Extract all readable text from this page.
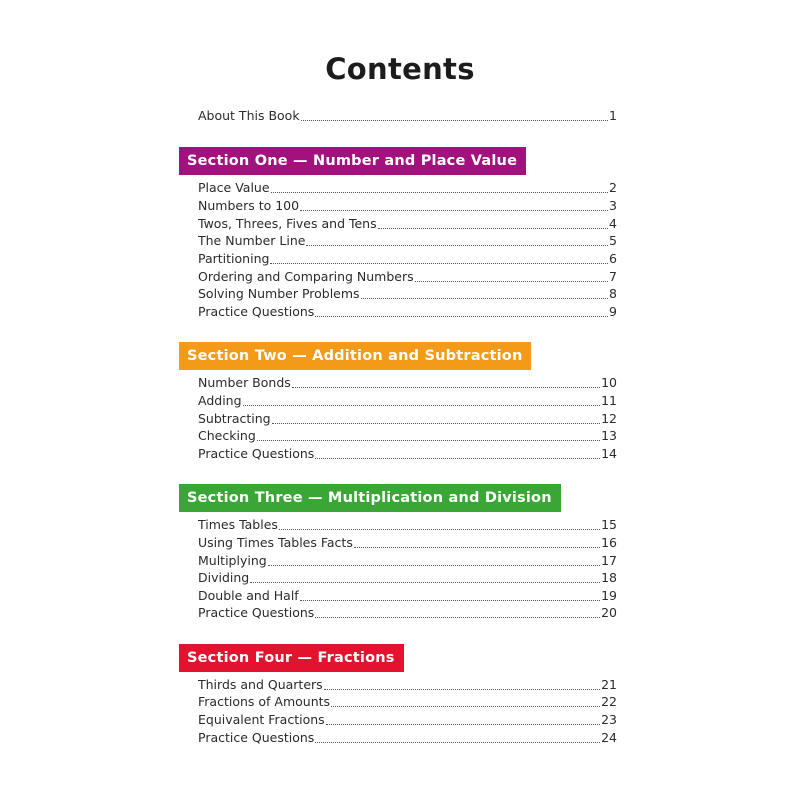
Contents
About This Book	1
Section One — Number and Place Value
Place Value	2
Numbers to 100	3
Twos, Threes, Fives and Tens	4
The Number Line	5
Partitioning	6
Ordering and Comparing Numbers	7
Solving Number Problems	8
Practice Questions	9
Section Two — Addition and Subtraction
Number Bonds	10
Adding	11
Subtracting	12
Checking	13
Practice Questions	14
Section Three — Multiplication and Division
Times Tables	15
Using Times Tables Facts	16
Multiplying	17
Dividing	18
Double and Half	19
Practice Questions	20
Section Four — Fractions
Thirds and Quarters	21
Fractions of Amounts	22
Equivalent Fractions	23
Practice Questions	24
